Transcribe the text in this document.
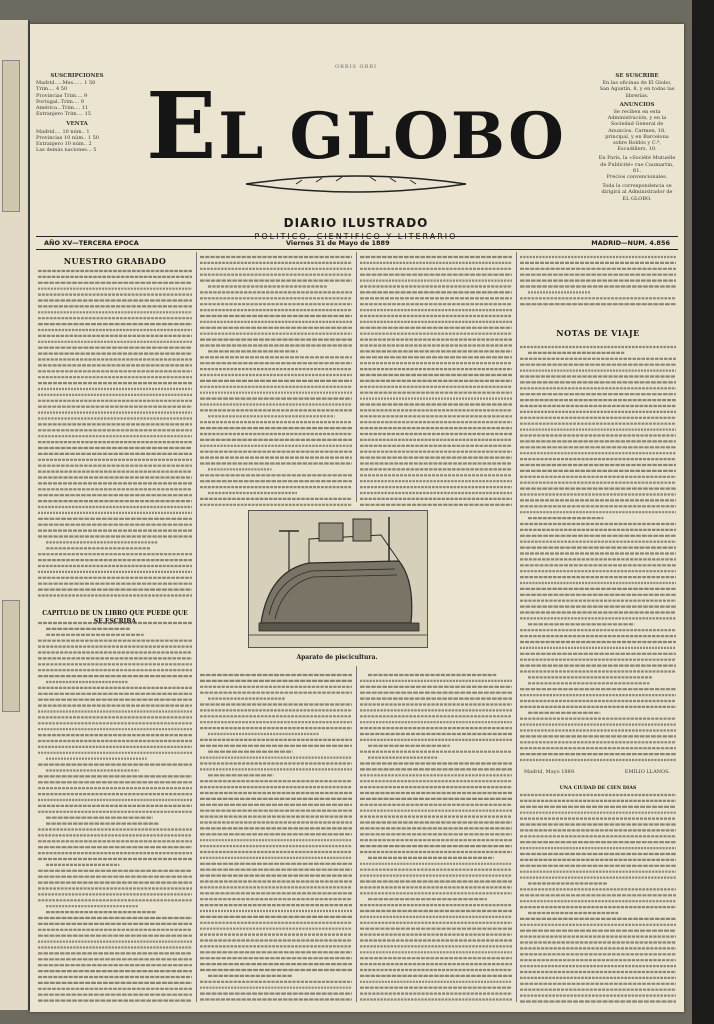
SUSCRIPCIONES
Madrid.....Mes...... 1 50
Trim.... 4 50
Provincias Trim.... 9
Portugal..Trim.... 9
América...Trim.... 11
Extranjero Trim.... 15
VENTA
Madrid.... 10 núm.. 1
Provincias 10 núm.. 1 50
Extranjero 10 núm.. 2
Las demás naciones... 5
SE SUSCRIBE
En las oficinas de El Globo,
San Agustín, 8, y en todas las
librerías.
ANUNCIOS
Se reciben en esta Administración, y en la Sociedad General de Anuncios, Carmen, 18,
principal, y en Barcelona sobre Roldós y C.ª, Escudillers, 10.
En París, la «Société Mutuelle de Publicité» rue Caumartin, 61.
Precios convencionales.
Toda la correspondencia se dirigirá al Administrador de EL GLOBO.
ORBIS ORBI
EL GLOBO
DIARIO ILUSTRADO
POLITICO, CIENTIFICO Y LITERARIO
AÑO XV—TERCERA EPOCA	Viernes 31 de Mayo de 1889	MADRID—NUM. 4.856
NUESTRO GRABADO
CAPITULO DE UN LIBRO QUE PUEDE QUE SE ESCRIBA
Aparato de piscicultura.
NOTAS DE VIAJE
Madrid, Mayo 1889.	EMILIO LLANOS.
UNA CIUDAD DE CIEN DIAS
